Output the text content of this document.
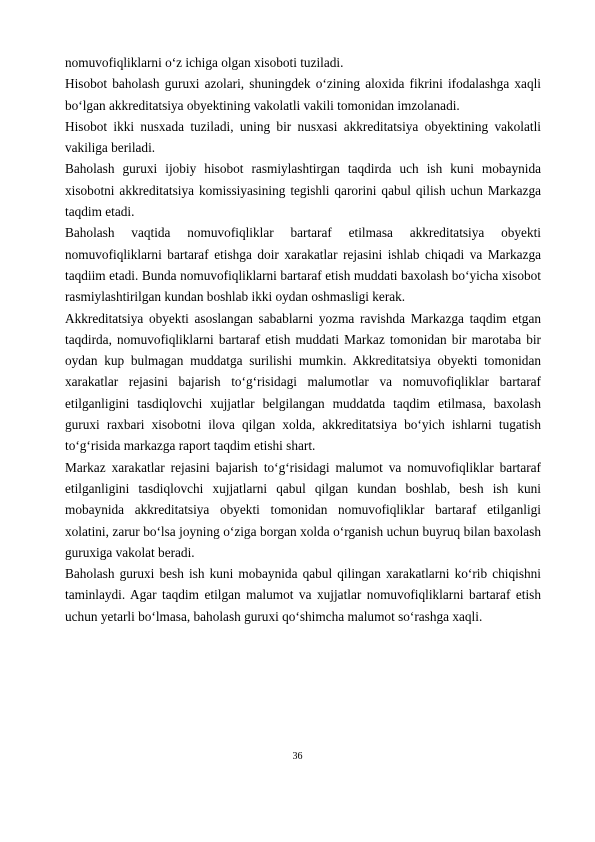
nomuvofiqliklarni o‘z ichiga olgan xisoboti tuziladi.

Hisobot baholash guruxi azolari, shuningdek o‘zining aloxida fikrini ifodalashga xaqli bo‘lgan akkreditatsiya obyektining vakolatli vakili tomonidan imzolanadi.

Hisobot ikki nusxada tuziladi, uning bir nusxasi akkreditatsiya obyektining vakolatli vakiliga beriladi.

Baholash guruxi ijobiy hisobot rasmiylashtirgan taqdirda uch ish kuni mobaynida xisobotni akkreditatsiya komissiyasining tegishli qarorini qabul qilish uchun Markazga taqdim etadi.

Baholash vaqtida nomuvofiqliklar bartaraf etilmasa akkreditatsiya obyekti nomuvofiqliklarni bartaraf etishga doir xarakatlar rejasini ishlab chiqadi va Markazga taqdiim etadi. Bunda nomuvofiqliklarni bartaraf etish muddati baxolash bo‘yicha xisobot rasmiylashtirilgan kundan boshlab ikki oydan oshmasligi kerak.

Akkreditatsiya obyekti asoslangan sabablarni yozma ravishda Markazga taqdim etgan taqdirda, nomuvofiqliklarni bartaraf etish muddati Markaz tomonidan bir marotaba bir oydan kup bulmagan muddatga surilishi mumkin. Akkreditatsiya obyekti tomonidan xarakatlar rejasini bajarish to‘g‘risidagi malumotlar va nomuvofiqliklar bartaraf etilganligini tasdiqlovchi xujjatlar belgilangan muddatda taqdim etilmasa, baxolash guruxi raxbari xisobotni ilova qilgan xolda, akkreditatsiya bo‘yich ishlarni tugatish to‘g‘risida markazga raport taqdim etishi shart.

Markaz xarakatlar rejasini bajarish to‘g‘risidagi malumot va nomuvofiqliklar bartaraf etilganligini tasdiqlovchi xujjatlarni qabul qilgan kundan boshlab, besh ish kuni mobaynida akkreditatsiya obyekti tomonidan nomuvofiqliklar bartaraf etilganligi xolatini, zarur bo‘lsa joyning o‘ziga borgan xolda o‘rganish uchun buyruq bilan baxolash guruxiga vakolat beradi.

Baholash guruxi besh ish kuni mobaynida qabul qilingan xarakatlarni ko‘rib chiqishni taminlaydi. Agar taqdim etilgan malumot va xujjatlar nomuvofiqliklarni bartaraf etish uchun yetarli bo‘lmasa, baholash guruxi qo‘shimcha malumot so‘rashga xaqli.

36
